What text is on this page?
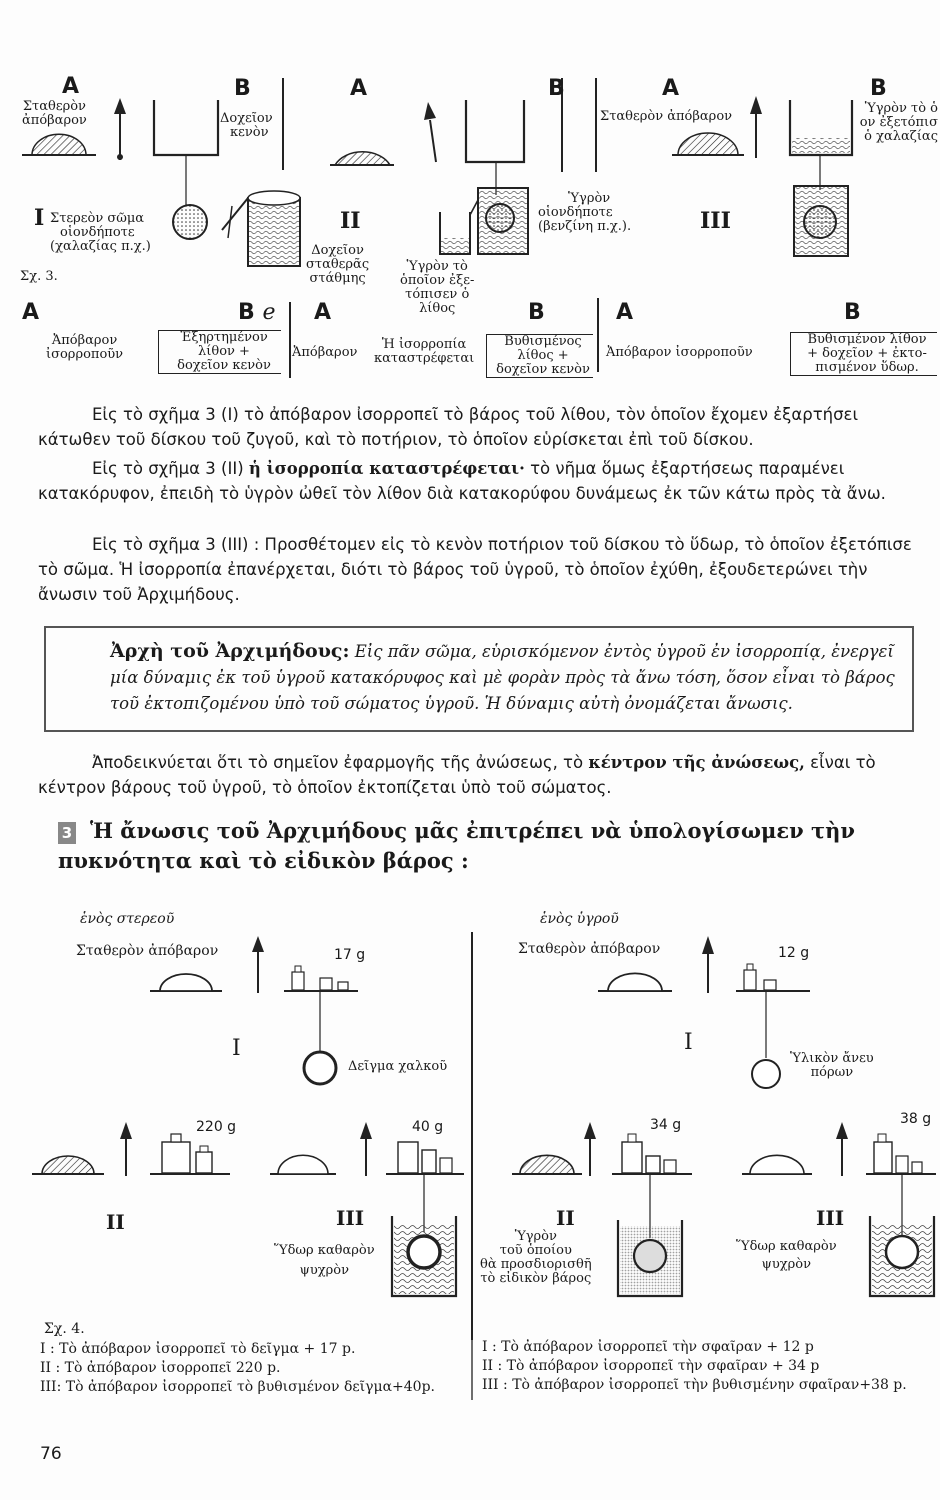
A	B
Σταθερὸν
ἀπόβαρον	Δοχεῖον
κενὸν
I Στερεὸν σῶμα
οἱονδήποτε
(χαλαζίας π.χ.)
Σχ. 3.
A	B
II
Δοχεῖον
σταθερᾶς
στάθμης
Ὑγρὸν
οἱονδήποτε
(βενζίνη π.χ.).
Ὑγρὸν τὸ
ὁποῖον ἐξε-
τόπισεν ὁ
λίθος
A	B
Σταθερὸν ἀπόβαρον
Ὑγρὸν τὸ ὁ
ον ἐξετόπισ
ὁ χαλαζίας
III
A	B e A	B	A	B
Ἀπόβαρον
ἰσορροποῦν
Ἐξηρτημένον
λίθον +
δοχεῖον κενὸν
Ἀπόβαρον
Ἡ ἰσορροπία
καταστρέφεται
Βυθισμένος
λίθος +
δοχεῖον κενὸν
Ἀπόβαρον ἰσορροποῦν
Βυθισμένον λίθον
+ δοχεῖον + ἐκτο-
πισμένον ὕδωρ.
Εἰς τὸ σχῆμα 3 (I) τὸ ἀπόβαρον ἰσορροπεῖ τὸ βάρος τοῦ λίθου, τὸν ὁποῖον ἔχομεν ἐξαρτήσει κάτωθεν τοῦ δίσκου τοῦ ζυγοῦ, καὶ τὸ ποτήριον, τὸ ὁποῖον εὑρίσκεται ἐπὶ τοῦ δίσκου.
Εἰς τὸ σχῆμα 3 (II) ἡ ἰσορροπία καταστρέφεται· τὸ νῆμα ὅμως ἐξαρτήσεως παραμένει κατακόρυφον, ἐπειδὴ τὸ ὑγρὸν ὠθεῖ τὸν λίθον διὰ κατακορύφου δυνάμεως ἐκ τῶν κάτω πρὸς τὰ ἄνω.
Εἰς τὸ σχῆμα 3 (III) : Προσθέτομεν εἰς τὸ κενὸν ποτήριον τοῦ δίσκου τὸ ὕδωρ, τὸ ὁποῖον ἐξετόπισε τὸ σῶμα. Ἡ ἰσορροπία ἐπανέρχεται, διότι τὸ βάρος τοῦ ὑγροῦ, τὸ ὁποῖον ἐχύθη, ἐξουδετερώνει τὴν ἄνωσιν τοῦ Ἀρχιμήδους.
Ἀρχὴ τοῦ Ἀρχιμήδους: Εἰς πᾶν σῶμα, εὑρισκόμενον ἐντὸς ὑγροῦ ἐν ἰσορροπίᾳ, ἐνεργεῖ μία δύναμις ἐκ τοῦ ὑγροῦ κατακόρυφος καὶ μὲ φορὰν πρὸς τὰ ἄνω τόση, ὅσον εἶναι τὸ βάρος τοῦ ἐκτοπιζομένου ὑπὸ τοῦ σώματος ὑγροῦ. Ἡ δύναμις αὐτὴ ὀνομάζεται ἄνωσις.
Ἀποδεικνύεται ὅτι τὸ σημεῖον ἐφαρμογῆς τῆς ἀνώσεως, τὸ κέντρον τῆς ἀνώσεως, εἶναι τὸ κέντρον βάρους τοῦ ὑγροῦ, τὸ ὁποῖον ἐκτοπίζεται ὑπὸ τοῦ σώματος.
3 Ἡ ἄνωσις τοῦ Ἀρχιμήδους μᾶς ἐπιτρέπει νὰ ὑπολογίσωμεν τὴν πυκνότητα καὶ τὸ εἰδικὸν βάρος :
ἑνὸς στερεοῦ	ἑνὸς ὑγροῦ
Σταθερὸν ἀπόβαρον	Σταθερὸν ἀπόβαρον
17 g	12 g
I	I
Δεῖγμα χαλκοῦ
Ὑλικὸν ἄνευ
πόρων
220 g	40 g	34 g	38 g
II	III	II	III
Ὕδωρ καθαρὸν
ψυχρὸν
Ὕδωρ καθαρὸν
ψυχρὸν
Ὑγρὸν
τοῦ ὁποίου
θὰ προσδιορισθῆ
τὸ εἰδικὸν βάρος
Σχ. 4.
I : Τὸ ἀπόβαρον ἰσορροπεῖ τὸ δεῖγμα + 17 p.
II : Τὸ ἀπόβαρον ἰσορροπεῖ 220 p.
III: Τὸ ἀπόβαρον ἰσορροπεῖ τὸ βυθισμένον δεῖγμα+40p.
I : Τὸ ἀπόβαρον ἰσορροπεῖ τὴν σφαῖραν + 12 p
II : Τὸ ἀπόβαρον ἰσορροπεῖ τὴν σφαῖραν + 34 p
III : Τὸ ἀπόβαρον ἰσορροπεῖ τὴν βυθισμένην σφαῖραν+38 p.
76
